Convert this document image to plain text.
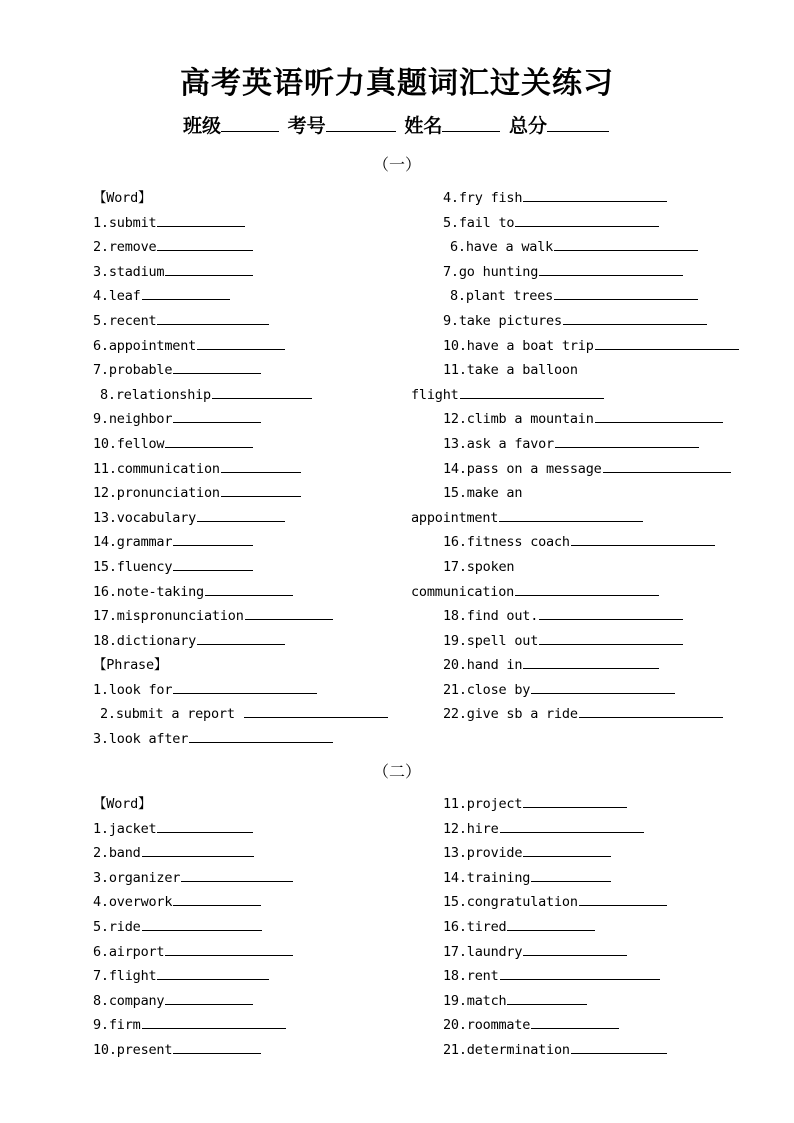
高考英语听力真题词汇过关练习
班级	考号	姓名	总分
（一）
【Word】
1.submit
2.remove
3.stadium
4.leaf
5.recent
6.appointment
7.probable
8.relationship
9.neighbor
10.fellow
11.communication
12.pronunciation
13.vocabulary
14.grammar
15.fluency
16.note-taking
17.mispronunciation
18.dictionary
【Phrase】
1.look for
2.submit a report
3.look after
4.fry fish
5.fail to
6.have a walk
7.go hunting
8.plant trees
9.take pictures
10.have a boat trip
11.take a balloon
flight
12.climb a mountain
13.ask a favor
14.pass on a message
15.make an
appointment
16.fitness coach
17.spoken
communication
18.find out.
19.spell out
20.hand in
21.close by
22.give sb a ride
（二）
【Word】
1.jacket
2.band
3.organizer
4.overwork
5.ride
6.airport
7.flight
8.company
9.firm
10.present
11.project
12.hire
13.provide
14.training
15.congratulation
16.tired
17.laundry
18.rent
19.match
20.roommate
21.determination
